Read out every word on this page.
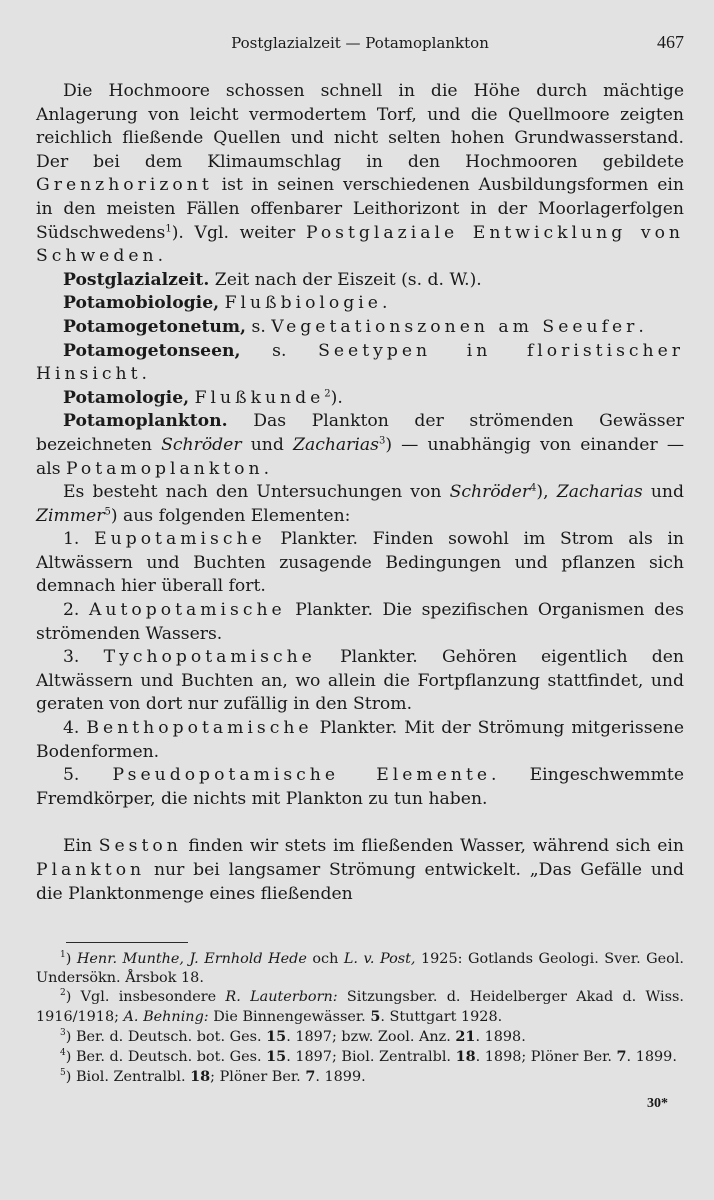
Postglazialzeit — Potamoplankton	467

Die Hochmoore schossen schnell in die Höhe durch mächtige Anlagerung von leicht vermodertem Torf, und die Quellmoore zeigten reichlich fließende Quellen und nicht selten hohen Grundwasserstand. Der bei dem Klimaumschlag in den Hochmooren gebildete Grenzhorizont ist in seinen verschiedenen Ausbildungsformen ein in den meisten Fällen offenbarer Leithorizont in der Moorlagerfolgen Südschwedens$^1$). Vgl. weiter Postglaziale Entwicklung von Schweden.

Postglazialzeit. Zeit nach der Eiszeit (s. d. W.).

Potamobiologie, Flußbiologie.

Potamogetonetum, s. Vegetationszonen am Seeufer.

Potamogetonseen, s. Seetypen in floristischer Hinsicht.

Potamologie, Flußkunde$^2$).

Potamoplankton. Das Plankton der strömenden Gewässer bezeichneten Schröder und Zacharias$^3$) — unabhängig von einander — als Potamoplankton.

Es besteht nach den Untersuchungen von Schröder$^4$), Zacharias und Zimmer$^5$) aus folgenden Elementen:

1. Eupotamische Plankter. Finden sowohl im Strom als in Altwässern und Buchten zusagende Bedingungen und pflanzen sich demnach hier überall fort.

2. Autopotamische Plankter. Die spezifischen Organismen des strömenden Wassers.

3. Tychopotamische Plankter. Gehören eigentlich den Altwässern und Buchten an, wo allein die Fortpflanzung stattfindet, und geraten von dort nur zufällig in den Strom.

4. Benthopotamische Plankter. Mit der Strömung mitgerissene Bodenformen.

5. Pseudopotamische Elemente. Eingeschwemmte Fremdkörper, die nichts mit Plankton zu tun haben.

Ein Seston finden wir stets im fließenden Wasser, während sich ein Plankton nur bei langsamer Strömung entwickelt. „Das Gefälle und die Planktonmenge eines fließenden

$^1$) Henr. Munthe, J. Ernhold Hede och L. v. Post, 1925: Gotlands Geologi. Sver. Geol. Undersökn. Årsbok 18.

$^2$) Vgl. insbesondere R. Lauterborn: Sitzungsber. d. Heidelberger Akad d. Wiss. 1916/1918; A. Behning: Die Binnengewässer. 5. Stuttgart 1928.

$^3$) Ber. d. Deutsch. bot. Ges. 15. 1897; bzw. Zool. Anz. 21. 1898.

$^4$) Ber. d. Deutsch. bot. Ges. 15. 1897; Biol. Zentralbl. 18. 1898; Plöner Ber. 7. 1899.

$^5$) Biol. Zentralbl. 18; Plöner Ber. 7. 1899.

30*
